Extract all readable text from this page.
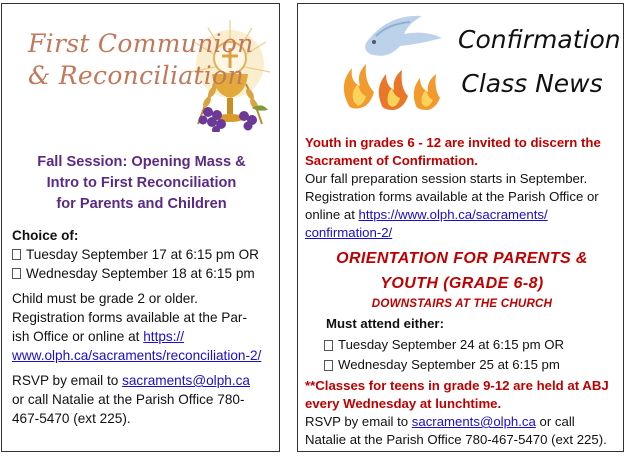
First Communion
& Reconciliation
Fall Session: Opening Mass &
Intro to First Reconciliation
for Parents and Children
Choice of:
Tuesday September 17 at 6:15 pm OR
Wednesday September 18 at 6:15 pm
Child must be grade 2 or older.
Registration forms available at the Par-
ish Office or online at https://
www.olph.ca/sacraments/reconciliation-2/
RSVP by email to sacraments@olph.ca
or call Natalie at the Parish Office 780-
467-5470 (ext 225).
Confirmation
Class News
Youth in grades 6 - 12 are invited to discern the
Sacrament of Confirmation.
Our fall preparation session starts in September.
Registration forms available at the Parish Office or
online at https://www.olph.ca/sacraments/
confirmation-2/
ORIENTATION FOR PARENTS &
YOUTH (GRADE 6-8)
DOWNSTAIRS AT THE CHURCH
Must attend either:
Tuesday September 24 at 6:15 pm OR
Wednesday September 25 at 6:15 pm
**Classes for teens in grade 9-12 are held at ABJ
every Wednesday at lunchtime.
RSVP by email to sacraments@olph.ca or call
Natalie at the Parish Office 780-467-5470 (ext 225).
